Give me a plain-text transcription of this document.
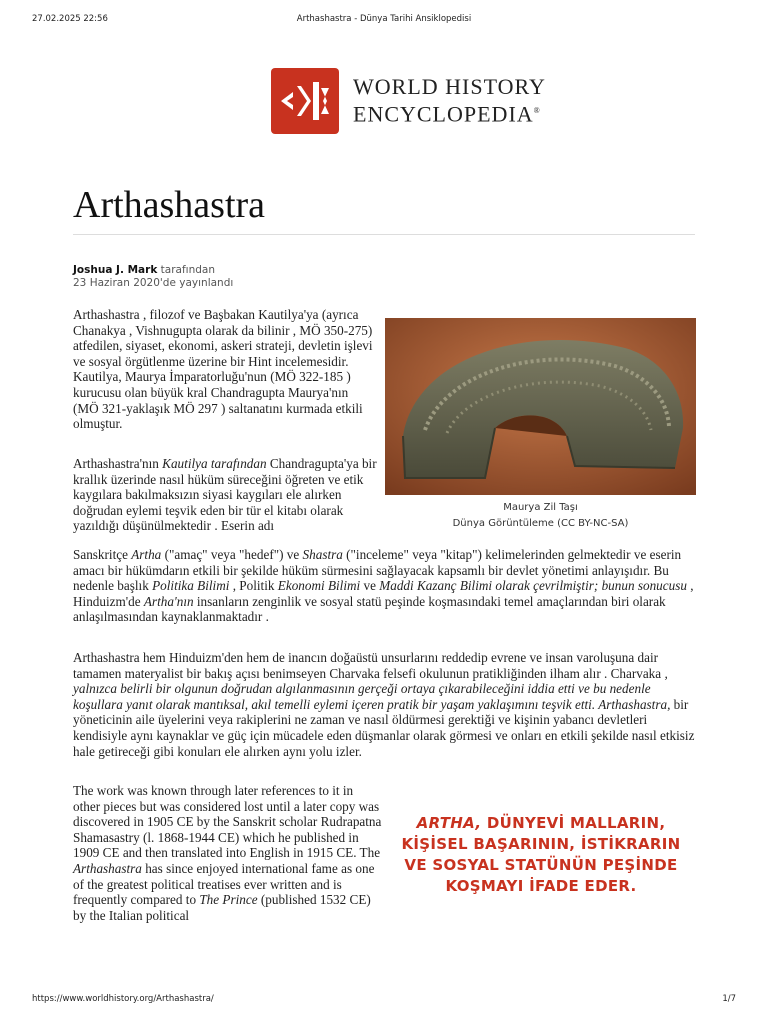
27.02.2025 22:56	Arthashastra - Dünya Tarihi Ansiklopedisi
WORLD HISTORY
ENCYCLOPEDIA®
Arthashastra
Joshua J. Mark tarafından
23 Haziran 2020'de yayınlandı
Maurya Zil Taşı
Dünya Görüntüleme (CC BY-NC-SA)

Arthashastra , filozof ve Başbakan Kautilya'ya (ayrıca Chanakya , Vishnugupta olarak da bilinir , MÖ 350-275) atfedilen, siyaset, ekonomi, askeri strateji, devletin işlevi ve sosyal örgütlenme üzerine bir Hint incelemesidir. Kautilya, Maurya İmparatorluğu'nun (MÖ 322-185 ) kurucusu olan büyük kral Chandragupta Maurya'nın (MÖ 321-yaklaşık MÖ 297 ) saltanatını kurmada etkili olmuştur.

Arthashastra'nın Kautilya tarafından Chandragupta'ya bir krallık üzerinde nasıl hüküm süreceğini öğreten ve etik kaygılara bakılmaksızın siyasi kaygıları ele alırken doğrudan eylemi teşvik eden bir tür el kitabı olarak yazıldığı düşünülmektedir . Eserin adı

Sanskritçe Artha ("amaç" veya "hedef") ve Shastra ("inceleme" veya "kitap") kelimelerinden gelmektedir ve eserin amacı bir hükümdarın etkili bir şekilde hüküm sürmesini sağlayacak kapsamlı bir devlet yönetimi anlayışıdır. Bu nedenle başlık Politika Bilimi , Politik Ekonomi Bilimi ve Maddi Kazanç Bilimi olarak çevrilmiştir; bunun sonucusu , Hinduizm'de Artha'nın insanların zenginlik ve sosyal statü peşinde koşmasındaki temel amaçlarından biri olarak anlaşılmasından kaynaklanmaktadır .

Arthashastra hem Hinduizm'den hem de inancın doğaüstü unsurlarını reddedip evrene ve insan varoluşuna dair tamamen materyalist bir bakış açısı benimseyen Charvaka felsefi okulunun pratikliğinden ilham alır . Charvaka , yalnızca belirli bir olgunun doğrudan algılanmasının gerçeği ortaya çıkarabileceğini iddia etti ve bu nedenle koşullara yanıt olarak mantıksal, akıl temelli eylemi içeren pratik bir yaşam yaklaşımını teşvik etti. Arthashastra, bir yöneticinin aile üyelerini veya rakiplerini ne zaman ve nasıl öldürmesi gerektiği ve kişinin yabancı devletleri kendisiyle aynı kaynaklar ve güç için mücadele eden düşmanlar olarak görmesi ve onları en etkili şekilde nasıl etkisiz hale getireceği gibi konuları ele alırken aynı yolu izler.

The work was known through later references to it in other pieces but was considered lost until a later copy was discovered in 1905 CE by the Sanskrit scholar Rudrapatna Shamasastry (l. 1868-1944 CE) which he published in 1909 CE and then translated into English in 1915 CE. The Arthashastra has since enjoyed international fame as one of the greatest political treatises ever written and is frequently compared to The Prince (published 1532 CE) by the Italian political

ARTHA, DÜNYEVİ MALLARIN, KİŞİSEL BAŞARININ, İSTİKRARIN VE SOSYAL STATÜNÜN PEŞİNDE KOŞMAYI İFADE EDER.
https://www.worldhistory.org/Arthashastra/	1/7
